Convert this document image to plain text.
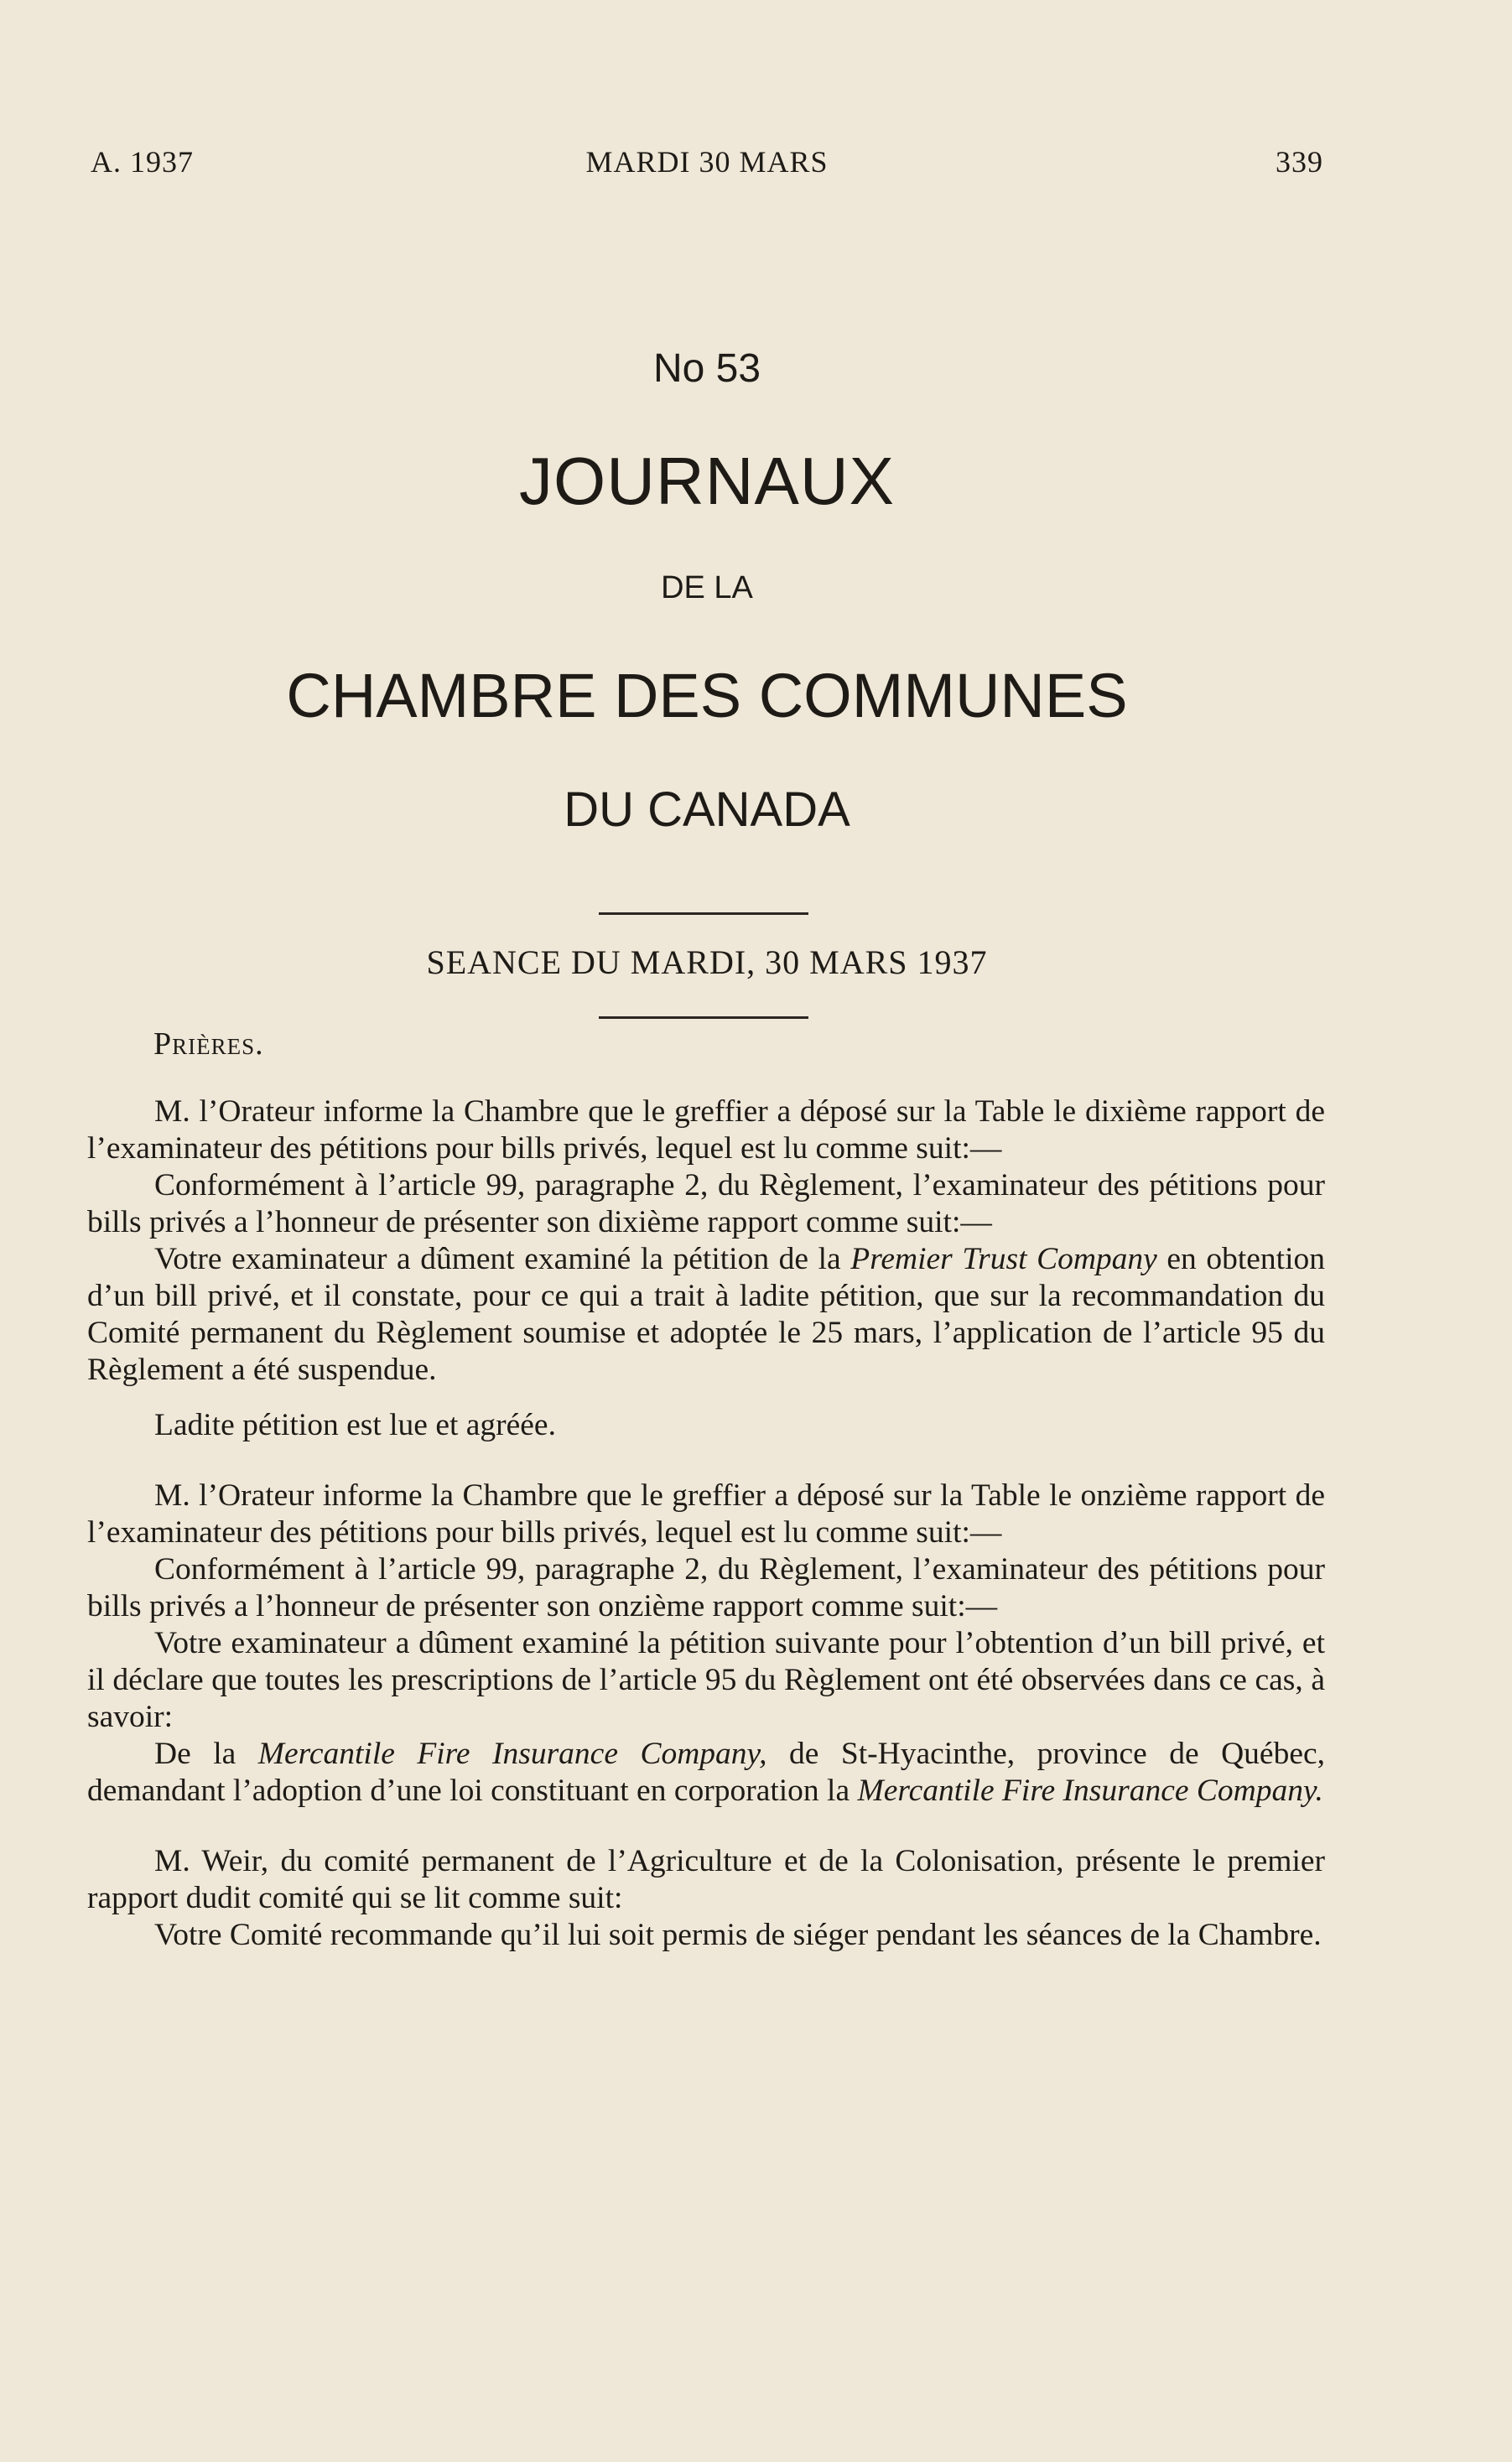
A. 1937	MARDI 30 MARS	339
No 53
JOURNAUX
DE LA
CHAMBRE DES COMMUNES
DU CANADA
SEANCE DU MARDI, 30 MARS 1937
Prières.

M. l’Orateur informe la Chambre que le greffier a déposé sur la Table le dixième rapport de l’examinateur des pétitions pour bills privés, lequel est lu comme suit:—

Conformément à l’article 99, paragraphe 2, du Règlement, l’examinateur des pétitions pour bills privés a l’honneur de présenter son dixième rapport comme suit:—

Votre examinateur a dûment examiné la pétition de la Premier Trust Company en obtention d’un bill privé, et il constate, pour ce qui a trait à ladite pétition, que sur la recommandation du Comité permanent du Règlement soumise et adoptée le 25 mars, l’application de l’article 95 du Règlement a été suspendue.

Ladite pétition est lue et agréée.

M. l’Orateur informe la Chambre que le greffier a déposé sur la Table le onzième rapport de l’examinateur des pétitions pour bills privés, lequel est lu comme suit:—

Conformément à l’article 99, paragraphe 2, du Règlement, l’examinateur des pétitions pour bills privés a l’honneur de présenter son onzième rapport comme suit:—

Votre examinateur a dûment examiné la pétition suivante pour l’obtention d’un bill privé, et il déclare que toutes les prescriptions de l’article 95 du Règlement ont été observées dans ce cas, à savoir:

De la Mercantile Fire Insurance Company, de St-Hyacinthe, province de Québec, demandant l’adoption d’une loi constituant en corporation la Mercantile Fire Insurance Company.

M. Weir, du comité permanent de l’Agriculture et de la Colonisation, présente le premier rapport dudit comité qui se lit comme suit:

Votre Comité recommande qu’il lui soit permis de siéger pendant les séances de la Chambre.
